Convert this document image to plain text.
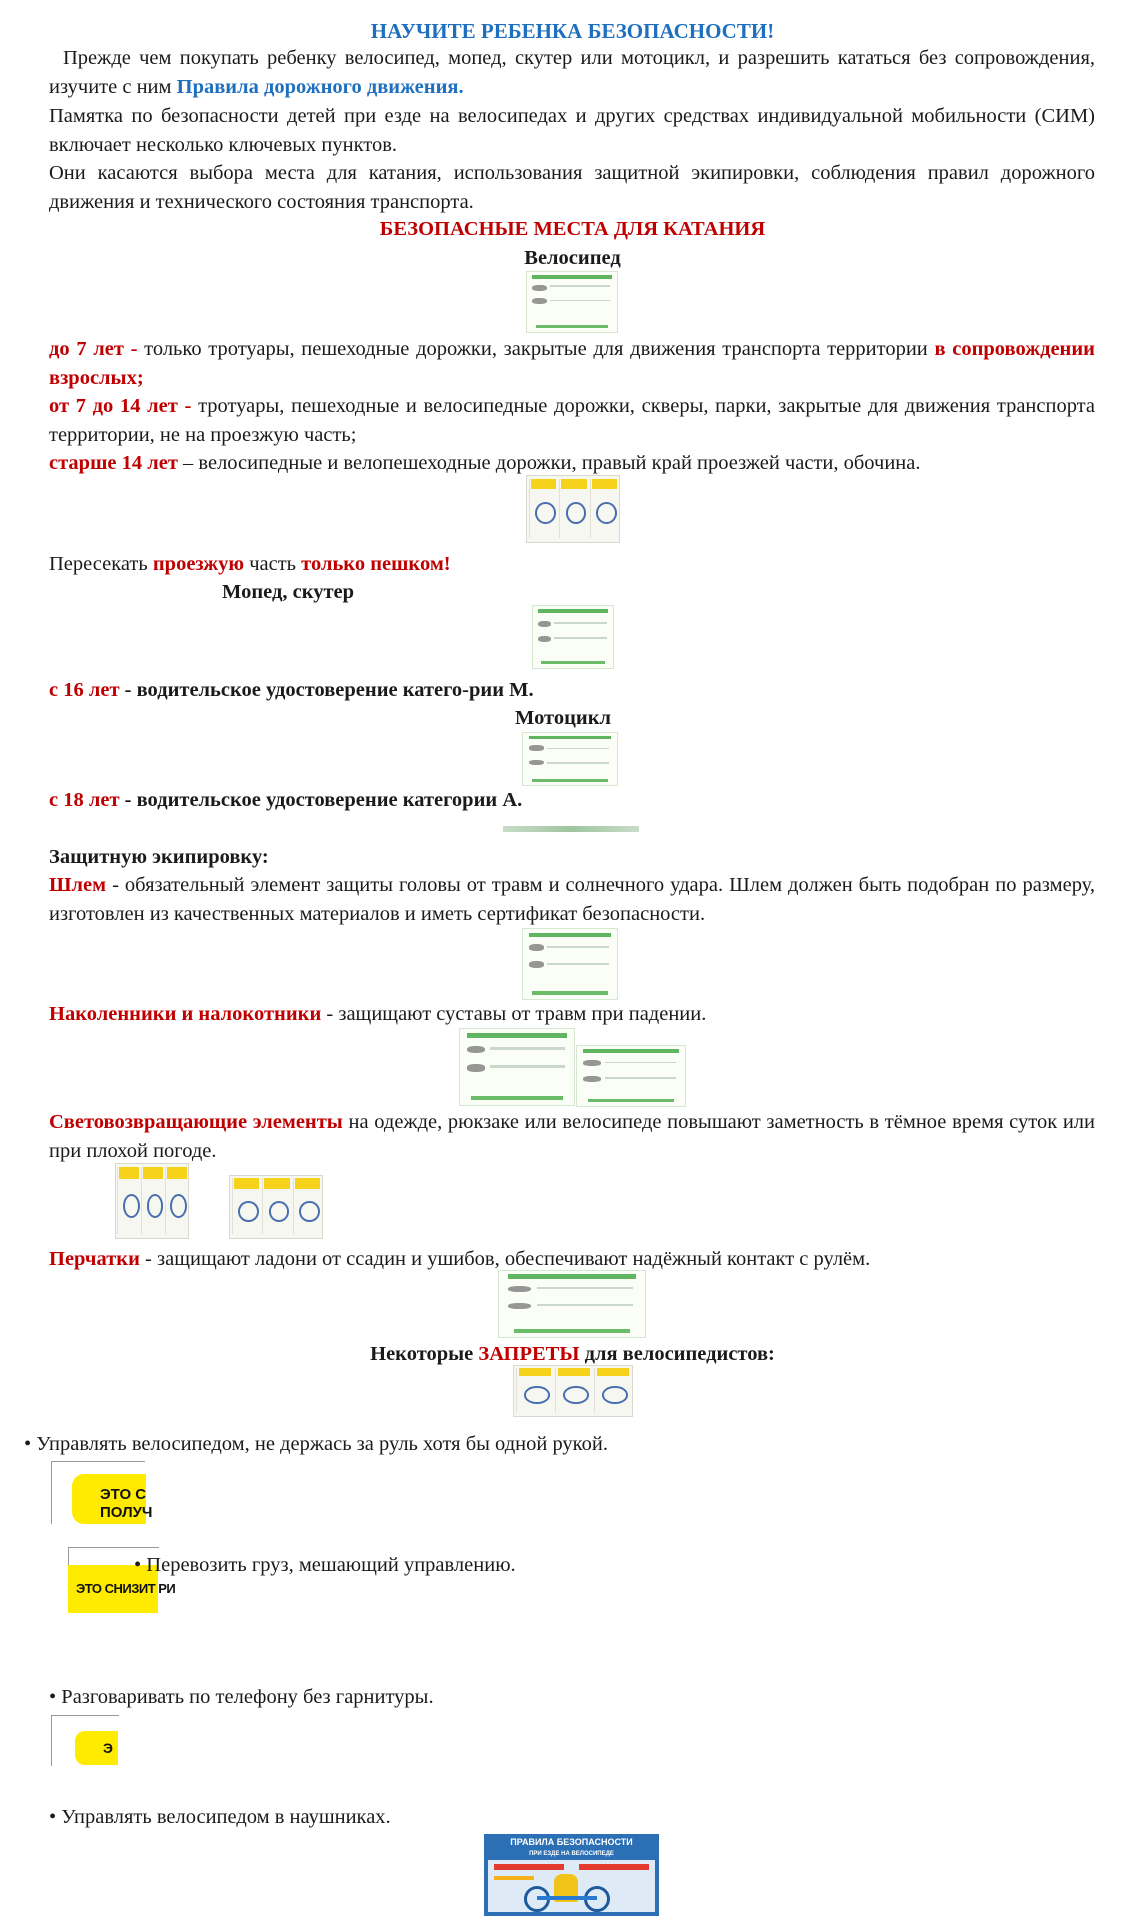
НАУЧИТЕ РЕБЕНКА БЕЗОПАСНОСТИ!
Прежде чем покупать ребенку велосипед, мопед, скутер или мотоцикл, и разрешить кататься без сопровождения, изучите с ним Правила дорожного движения.
Памятка по безопасности детей при езде на велосипедах и других средствах индивидуальной мобильности (СИМ) включает несколько ключевых пунктов.
Они касаются выбора места для катания, использования защитной экипировки, соблюдения правил дорожного движения и технического состояния транспорта.
БЕЗОПАСНЫЕ МЕСТА ДЛЯ КАТАНИЯ
Велосипед
до 7 лет - только тротуары, пешеходные дорожки, закрытые для движения транспорта территории в сопровождении взрослых;
от 7 до 14 лет - тротуары, пешеходные и велосипедные дорожки, скверы, парки, закрытые для движения транспорта территории, не на проезжую часть;
старше 14 лет – велосипедные и велопешеходные дорожки, правый край проезжей части, обочина.
Пересекать проезжую часть только пешком!
Мопед, скутер
с 16 лет - водительское удостоверение катего-рии М.
Мотоцикл
с 18 лет - водительское удостоверение категории А.
Защитную экипировку:
Шлем - обязательный элемент защиты головы от травм и солнечного удара. Шлем должен быть подобран по размеру, изготовлен из качественных материалов и иметь сертификат безопасности.
Наколенники и налокотники - защищают суставы от травм при падении.
Световозвращающие элементы на одежде, рюкзаке или велосипеде повышают заметность в тёмное время суток или при плохой погоде.
Перчатки - защищают ладони от ссадин и ушибов, обеспечивают надёжный контакт с рулём.
Некоторые ЗАПРЕТЫ для велосипедистов:
• Управлять велосипедом, не держась за руль хотя бы одной рукой.
ЭТО С
ПОЛУЧ
ЭТО СНИЗИТ РИ
• Перевозить груз, мешающий управлению.
• Разговаривать по телефону без гарнитуры.
Э
• Управлять велосипедом в наушниках.
ПРАВИЛА БЕЗОПАСНОСТИ
ПРИ ЕЗДЕ НА ВЕЛОСИПЕДЕ
